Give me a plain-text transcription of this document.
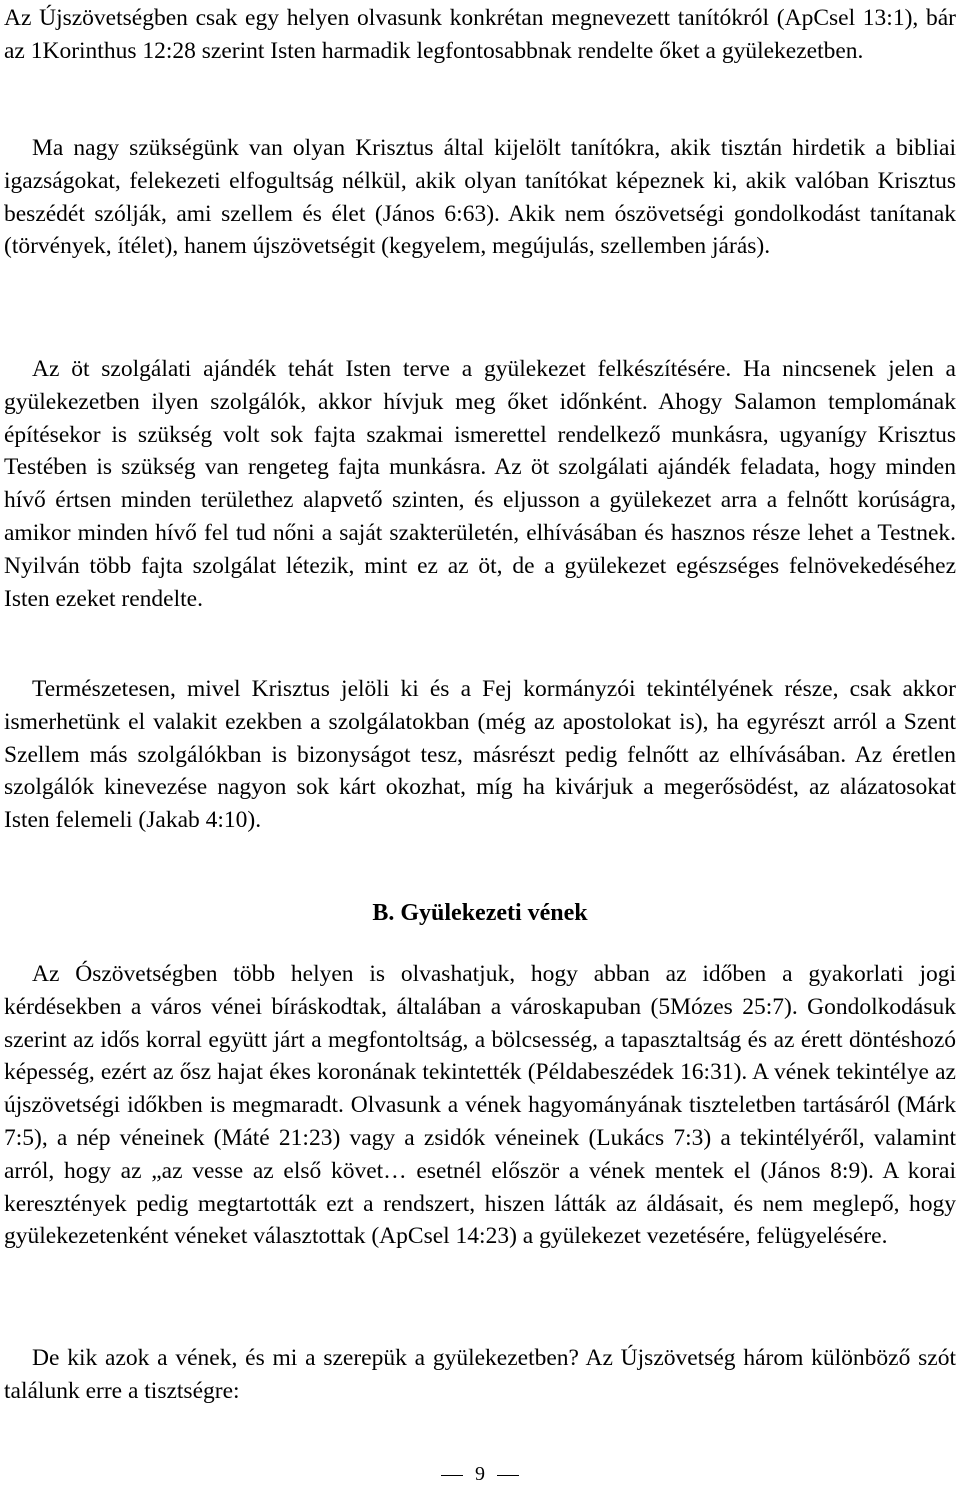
Az Újszövetségben csak egy helyen olvasunk konkrétan megnevezett tanítókról (ApCsel 13:1), bár az 1Korinthus 12:28 szerint Isten harmadik legfontosabbnak rendelte őket a gyülekezetben.

Ma nagy szükségünk van olyan Krisztus által kijelölt tanítókra, akik tisztán hirdetik a bibliai igazságokat, felekezeti elfogultság nélkül, akik olyan tanítókat képeznek ki, akik valóban Krisztus beszédét szólják, ami szellem és élet (János 6:63). Akik nem ószövetségi gondolkodást tanítanak (törvények, ítélet), hanem újszövetségit (kegyelem, megújulás, szellemben járás).

Az öt szolgálati ajándék tehát Isten terve a gyülekezet felkészítésére. Ha nincsenek jelen a gyülekezetben ilyen szolgálók, akkor hívjuk meg őket időnként. Ahogy Salamon templomának építésekor is szükség volt sok fajta szakmai ismerettel rendelkező munkásra, ugyanígy Krisztus Testében is szükség van rengeteg fajta munkásra. Az öt szolgálati ajándék feladata, hogy minden hívő értsen minden területhez alapvető szinten, és eljusson a gyülekezet arra a felnőtt korúságra, amikor minden hívő fel tud nőni a saját szakterületén, elhívásában és hasznos része lehet a Testnek. Nyilván több fajta szolgálat létezik, mint ez az öt, de a gyülekezet egészséges felnövekedéséhez Isten ezeket rendelte.

Természetesen, mivel Krisztus jelöli ki és a Fej kormányzói tekintélyének része, csak akkor ismerhetünk el valakit ezekben a szolgálatokban (még az apostolokat is), ha egyrészt arról a Szent Szellem más szolgálókban is bizonyságot tesz, másrészt pedig felnőtt az elhívásában. Az éretlen szolgálók kinevezése nagyon sok kárt okozhat, míg ha kivárjuk a megerősödést, az alázatosokat Isten felemeli (Jakab 4:10).

B. Gyülekezeti vének

Az Ószövetségben több helyen is olvashatjuk, hogy abban az időben a gyakorlati jogi kérdésekben a város vénei bíráskodtak, általában a városkapuban (5Mózes 25:7). Gondolkodásuk szerint az idős korral együtt járt a megfontoltság, a bölcsesség, a tapasztaltság és az érett döntéshozó képesség, ezért az ősz hajat ékes koronának tekintették (Példabeszédek 16:31). A vének tekintélye az újszövetségi időkben is megmaradt. Olvasunk a vének hagyományának tiszteletben tartásáról (Márk 7:5), a nép véneinek (Máté 21:23) vagy a zsidók véneinek (Lukács 7:3) a tekintélyéről, valamint arról, hogy az „az vesse az első követ… esetnél először a vének mentek el (János 8:9). A korai keresztények pedig megtartották ezt a rendszert, hiszen látták az áldásait, és nem meglepő, hogy gyülekezetenként véneket választottak (ApCsel 14:23) a gyülekezet vezetésére, felügyelésére.

De kik azok a vének, és mi a szerepük a gyülekezetben? Az Újszövetség három különböző szót találunk erre a tisztségre:

9
